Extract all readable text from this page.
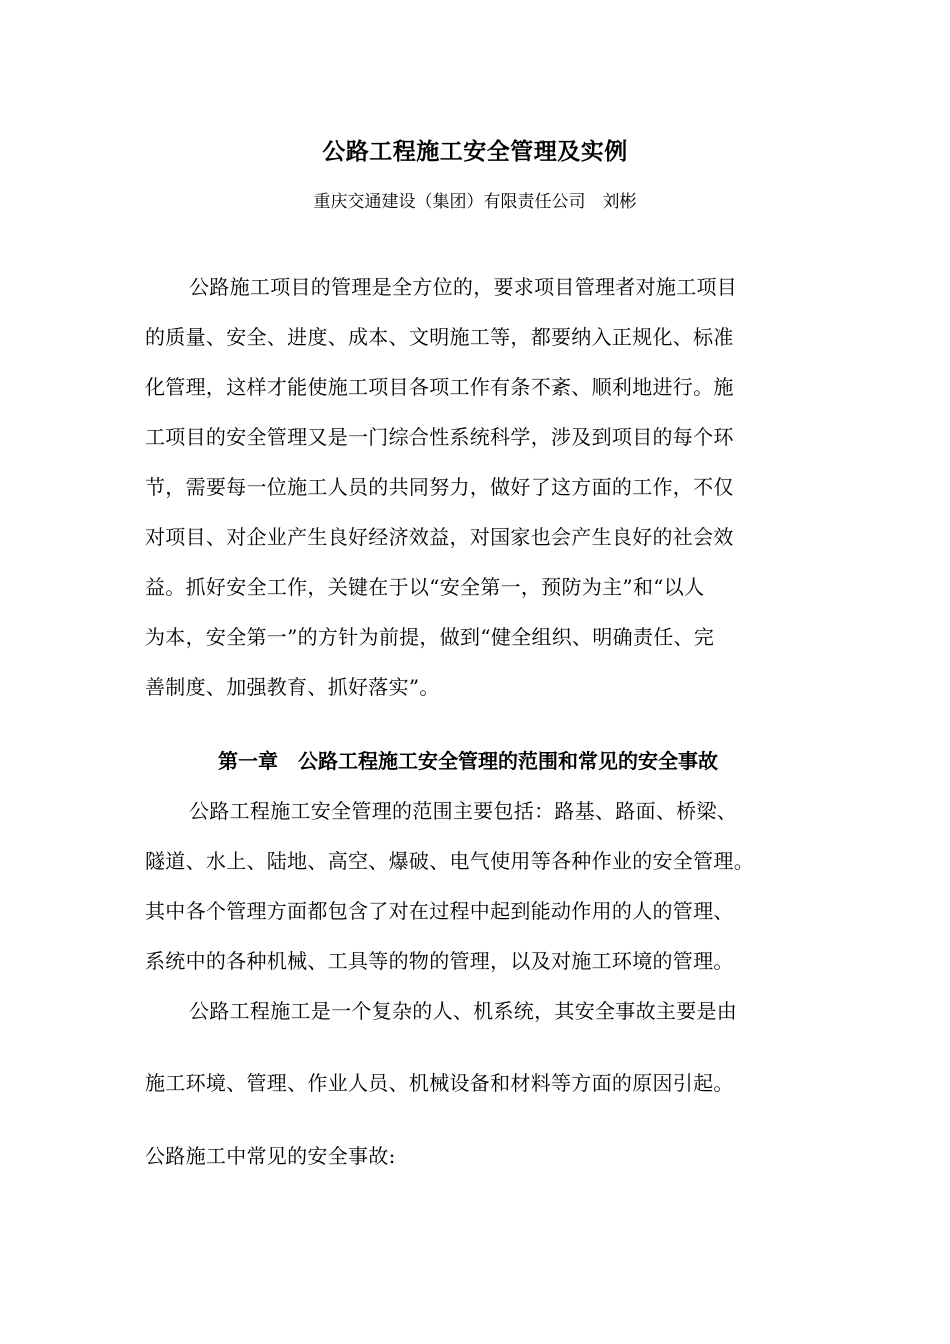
公路工程施工安全管理及实例
重庆交通建设（集团）有限责任公司　刘彬
公路施工项目的管理是全方位的，要求项目管理者对施工项目
的质量、安全、进度、成本、文明施工等，都要纳入正规化、标准
化管理，这样才能使施工项目各项工作有条不紊、顺利地进行。施
工项目的安全管理又是一门综合性系统科学，涉及到项目的每个环
节，需要每一位施工人员的共同努力，做好了这方面的工作，不仅
对项目、对企业产生良好经济效益，对国家也会产生良好的社会效
益。抓好安全工作，关键在于以“安全第一，预防为主”和“以人
为本，安全第一”的方针为前提，做到“健全组织、明确责任、完
善制度、加强教育、抓好落实”。
第一章　公路工程施工安全管理的范围和常见的安全事故
公路工程施工安全管理的范围主要包括：路基、路面、桥梁、
隧道、水上、陆地、高空、爆破、电气使用等各种作业的安全管理。
其中各个管理方面都包含了对在过程中起到能动作用的人的管理、
系统中的各种机械、工具等的物的管理，以及对施工环境的管理。
公路工程施工是一个复杂的人、机系统，其安全事故主要是由
施工环境、管理、作业人员、机械设备和材料等方面的原因引起。
公路施工中常见的安全事故:
